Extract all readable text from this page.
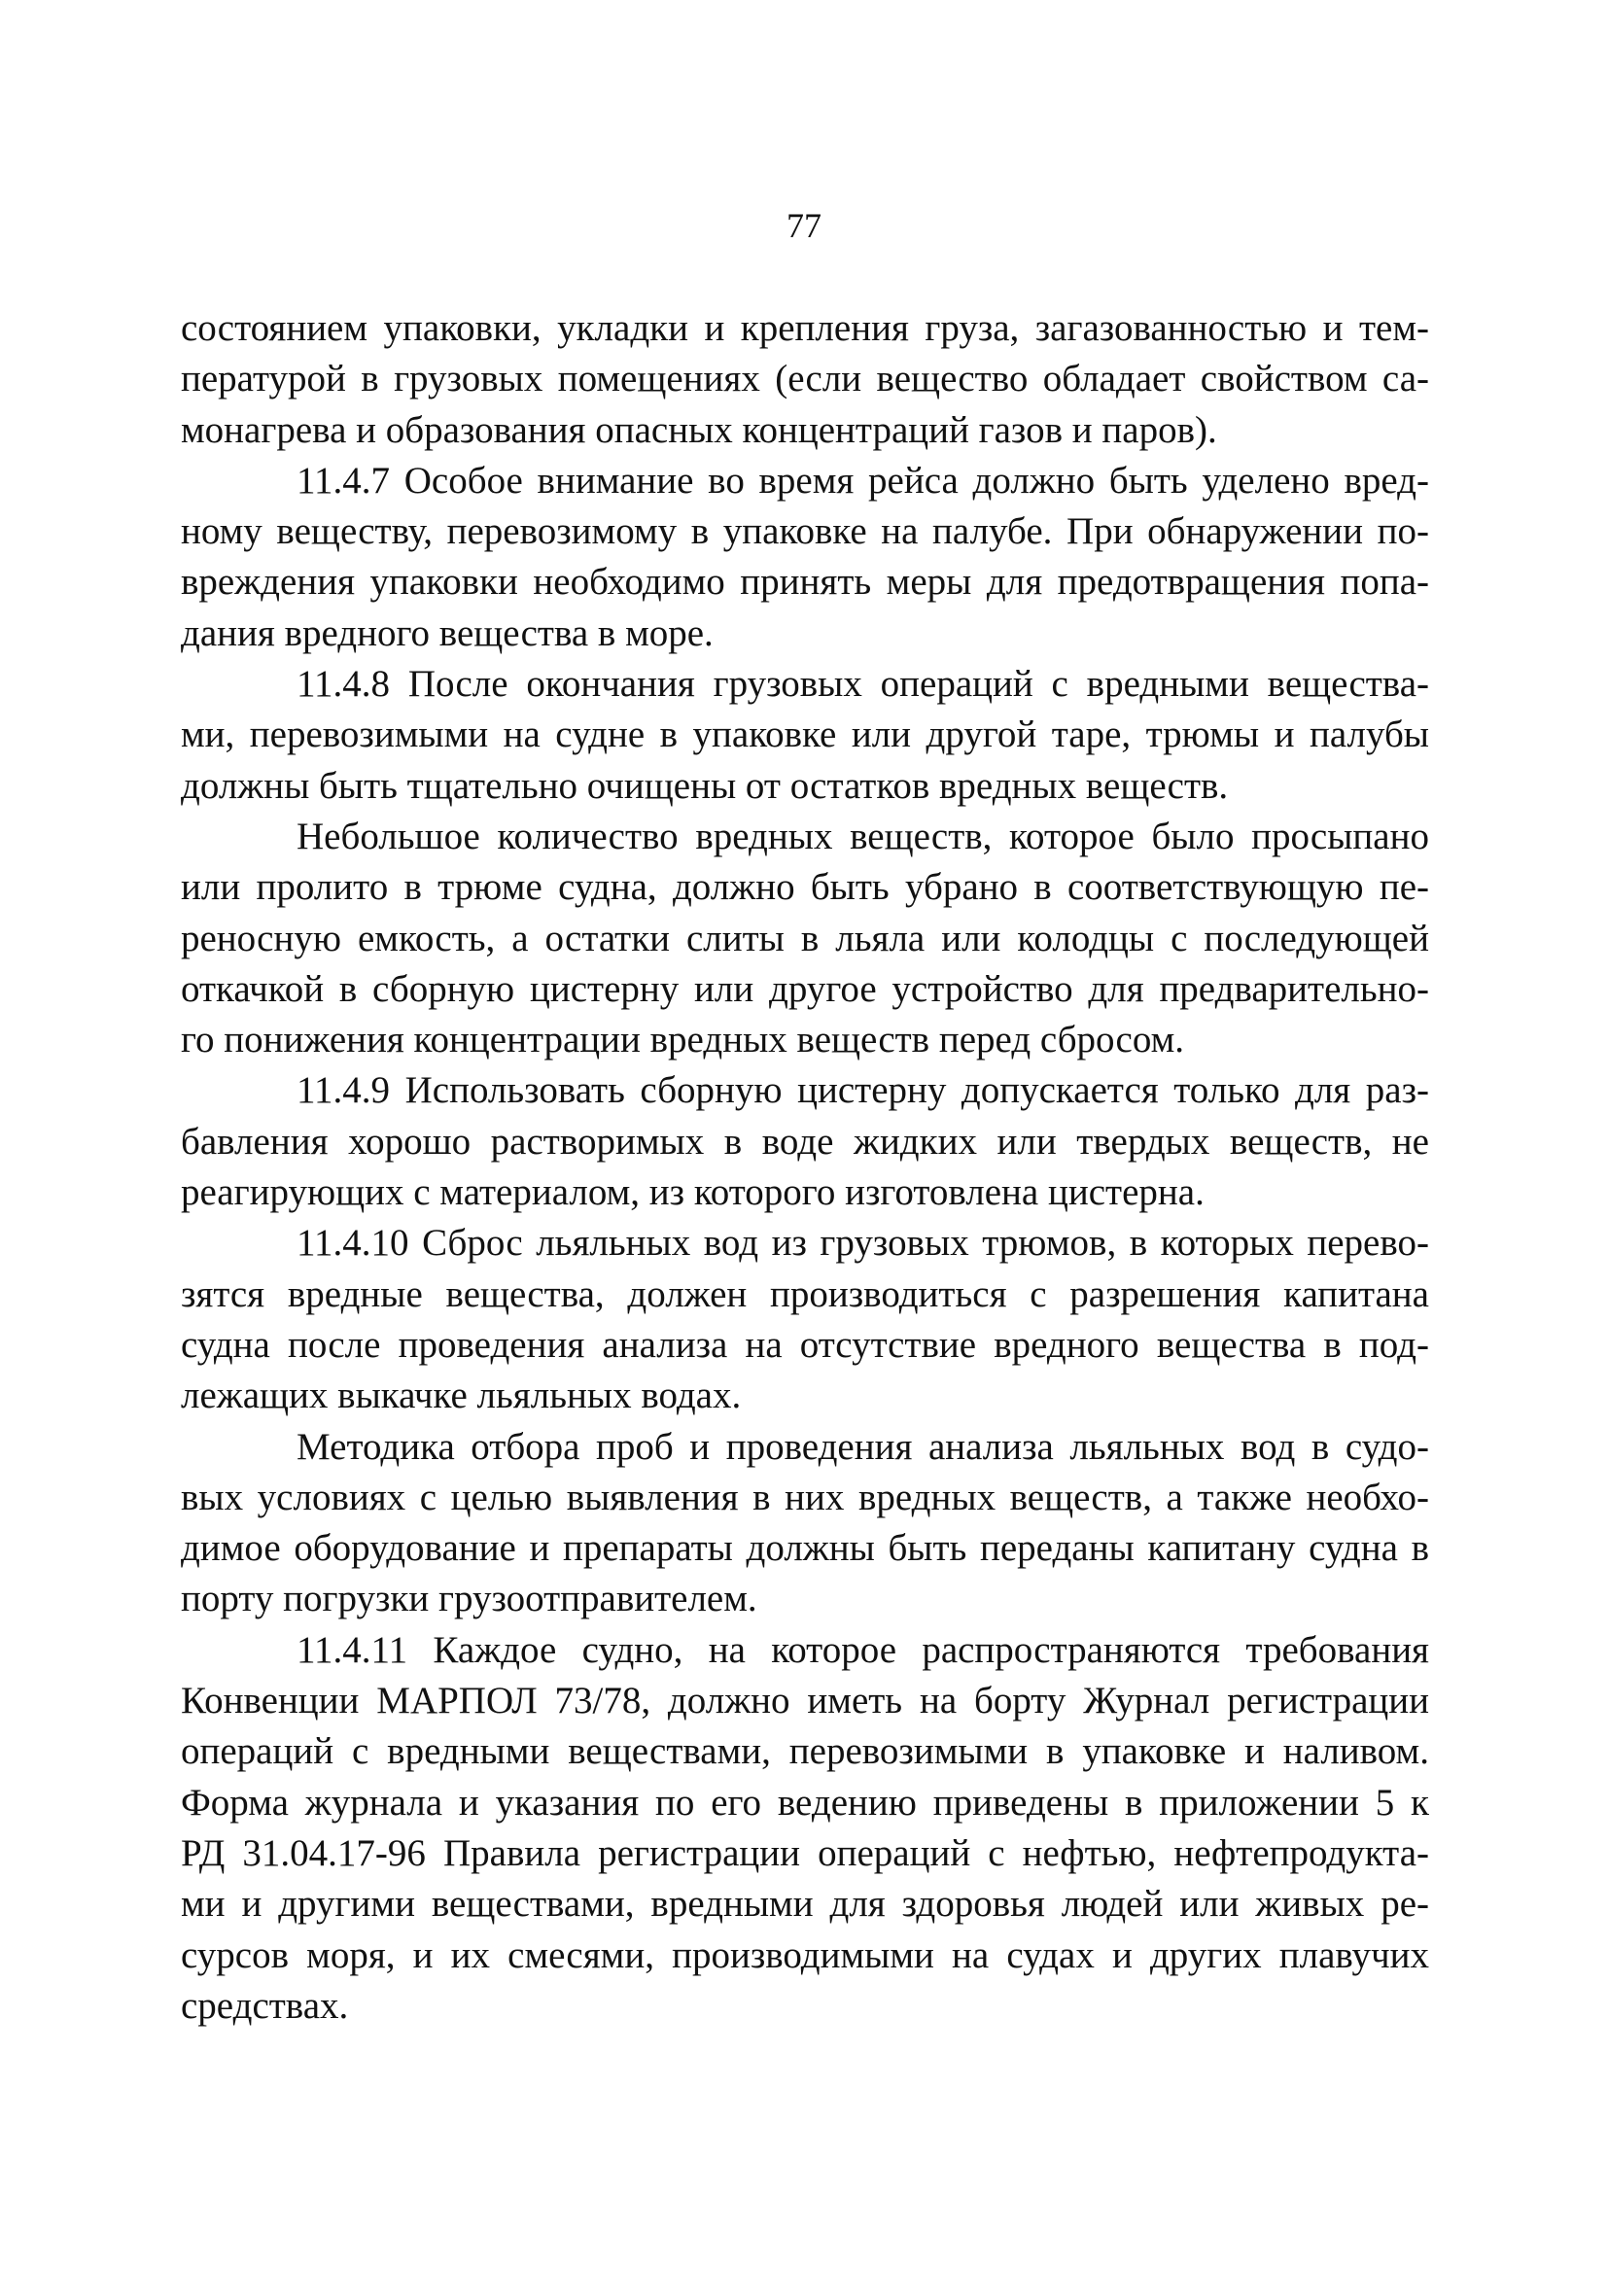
77
состоянием упаковки, укладки и крепления груза, загазованностью и тем-
пературой в грузовых помещениях (если вещество обладает свойством са-
монагрева и образования опасных концентраций газов и паров).
11.4.7 Особое внимание во время рейса должно быть уделено вред-
ному веществу, перевозимому в упаковке на палубе. При обнаружении по-
вреждения упаковки необходимо принять меры для предотвращения попа-
дания вредного вещества в море.
11.4.8 После окончания грузовых операций с вредными вещества-
ми, перевозимыми на судне в упаковке или другой таре, трюмы и палубы
должны быть тщательно очищены от остатков вредных веществ.
Небольшое количество вредных веществ, которое было просыпано
или пролито в трюме судна, должно быть убрано в соответствующую пе-
реносную емкость, а остатки слиты в льяла или колодцы с последующей
откачкой в сборную цистерну или другое устройство для предварительно-
го понижения концентрации вредных веществ перед сбросом.
11.4.9 Использовать сборную цистерну допускается только для раз-
бавления хорошо растворимых в воде жидких или твердых веществ, не
реагирующих с материалом, из которого изготовлена цистерна.
11.4.10 Сброс льяльных вод из грузовых трюмов, в которых перево-
зятся вредные вещества, должен производиться с разрешения капитана
судна после проведения анализа на отсутствие вредного вещества в под-
лежащих выкачке льяльных водах.
Методика отбора проб и проведения анализа льяльных вод в судо-
вых условиях с целью выявления в них вредных веществ, а также необхо-
димое оборудование и препараты должны быть переданы капитану судна в
порту погрузки грузоотправителем.
11.4.11 Каждое судно, на которое распространяются требования
Конвенции МАРПОЛ 73/78, должно иметь на борту Журнал регистрации
операций с вредными веществами, перевозимыми в упаковке и наливом.
Форма журнала и указания по его ведению приведены в приложении 5 к
РД 31.04.17-96 Правила регистрации операций с нефтью, нефтепродукта-
ми и другими веществами, вредными для здоровья людей или живых ре-
сурсов моря, и их смесями, производимыми на судах и других плавучих
средствах.
